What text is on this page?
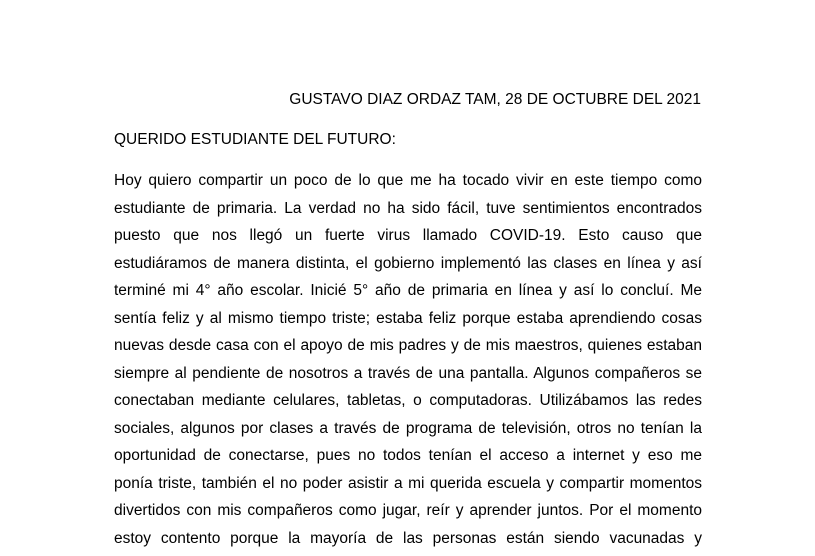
GUSTAVO DIAZ ORDAZ TAM, 28 DE OCTUBRE DEL 2021
QUERIDO ESTUDIANTE DEL FUTURO:
Hoy quiero compartir un poco de lo que me ha tocado vivir en este tiempo como
estudiante de primaria. La verdad no ha sido fácil, tuve sentimientos encontrados
puesto que nos llegó un fuerte virus llamado COVID-19. Esto causo que
estudiáramos de manera distinta, el gobierno implementó las clases en línea y así
terminé mi 4° año escolar. Inicié 5° año de primaria en línea y así lo concluí. Me
sentía feliz y al mismo tiempo triste; estaba feliz porque estaba aprendiendo cosas
nuevas desde casa con el apoyo de mis padres y de mis maestros, quienes estaban
siempre al pendiente de nosotros a través de una pantalla. Algunos compañeros se
conectaban mediante celulares, tabletas, o computadoras. Utilizábamos las redes
sociales, algunos por clases a través de programa de televisión, otros no tenían la
oportunidad de conectarse, pues no todos tenían el acceso a internet y eso me
ponía triste, también el no poder asistir a mi querida escuela y compartir momentos
divertidos con mis compañeros como jugar, reír y aprender juntos. Por el momento
estoy contento porque la mayoría de las personas están siendo vacunadas y
